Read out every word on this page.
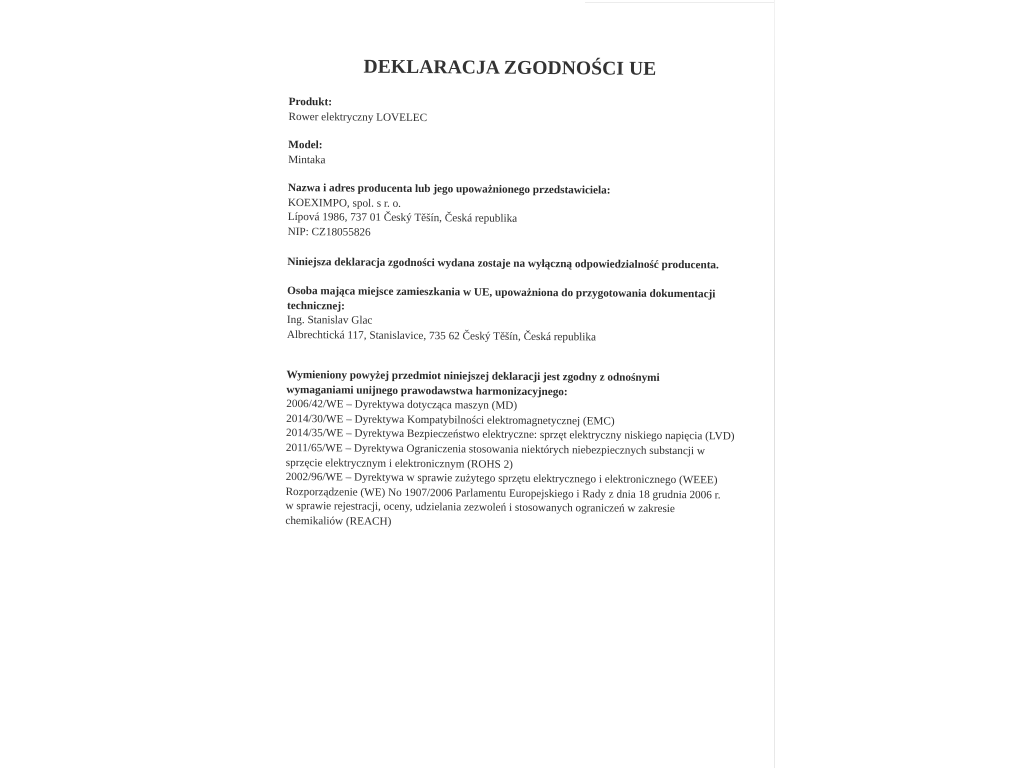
DEKLARACJA ZGODNOŚCI UE
Produkt:
Rower elektryczny LOVELEC
Model:
Mintaka
Nazwa i adres producenta lub jego upoważnionego przedstawiciela:
KOEXIMPO, spol. s r. o.
Lípová 1986, 737 01 Český Těšín, Česká republika
NIP: CZ18055826
Niniejsza deklaracja zgodności wydana zostaje na wyłączną odpowiedzialność producenta.
Osoba mająca miejsce zamieszkania w UE, upoważniona do przygotowania dokumentacji technicznej:
Ing. Stanislav Glac
Albrechtická 117, Stanislavice, 735 62 Český Těšín, Česká republika
Wymieniony powyżej przedmiot niniejszej deklaracji jest zgodny z odnośnymi wymaganiami unijnego prawodawstwa harmonizacyjnego:
2006/42/WE – Dyrektywa dotycząca maszyn (MD)
2014/30/WE – Dyrektywa Kompatybilności elektromagnetycznej (EMC)
2014/35/WE – Dyrektywa Bezpieczeństwo elektryczne: sprzęt elektryczny niskiego napięcia (LVD)
2011/65/WE – Dyrektywa Ograniczenia stosowania niektórych niebezpiecznych substancji w sprzęcie elektrycznym i elektronicznym (ROHS 2)
2002/96/WE – Dyrektywa w sprawie zużytego sprzętu elektrycznego i elektronicznego (WEEE)
Rozporządzenie (WE) No 1907/2006 Parlamentu Europejskiego i Rady z dnia 18 grudnia 2006 r. w sprawie rejestracji, oceny, udzielania zezwoleń i stosowanych ograniczeń w zakresie chemikaliów (REACH)
